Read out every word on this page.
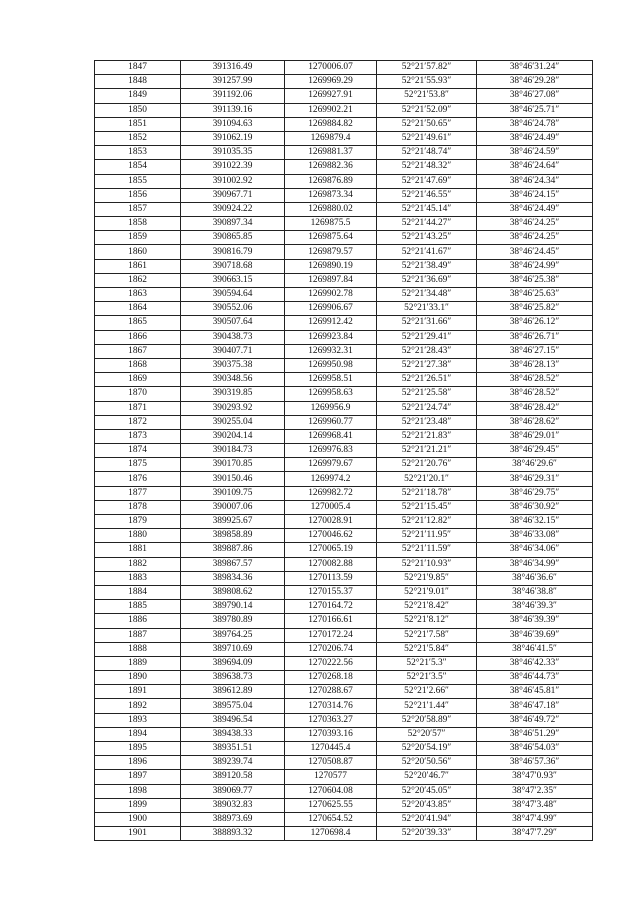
1847	391316.49	1270006.07	52°21′57.82″	38°46′31.24″
1848	391257.99	1269969.29	52°21′55.93″	38°46′29.28″
1849	391192.06	1269927.91	52°21′53.8″	38°46′27.08″
1850	391139.16	1269902.21	52°21′52.09″	38°46′25.71″
1851	391094.63	1269884.82	52°21′50.65″	38°46′24.78″
1852	391062.19	1269879.4	52°21′49.61″	38°46′24.49″
1853	391035.35	1269881.37	52°21′48.74″	38°46′24.59″
1854	391022.39	1269882.36	52°21′48.32″	38°46′24.64″
1855	391002.92	1269876.89	52°21′47.69″	38°46′24.34″
1856	390967.71	1269873.34	52°21′46.55″	38°46′24.15″
1857	390924.22	1269880.02	52°21′45.14″	38°46′24.49″
1858	390897.34	1269875.5	52°21′44.27″	38°46′24.25″
1859	390865.85	1269875.64	52°21′43.25″	38°46′24.25″
1860	390816.79	1269879.57	52°21′41.67″	38°46′24.45″
1861	390718.68	1269890.19	52°21′38.49″	38°46′24.99″
1862	390663.15	1269897.84	52°21′36.69″	38°46′25.38″
1863	390594.64	1269902.78	52°21′34.48″	38°46′25.63″
1864	390552.06	1269906.67	52°21′33.1″	38°46′25.82″
1865	390507.64	1269912.42	52°21′31.66″	38°46′26.12″
1866	390438.73	1269923.84	52°21′29.41″	38°46′26.71″
1867	390407.71	1269932.31	52°21′28.43″	38°46′27.15″
1868	390375.38	1269950.98	52°21′27.38″	38°46′28.13″
1869	390348.56	1269958.51	52°21′26.51″	38°46′28.52″
1870	390319.85	1269958.63	52°21′25.58″	38°46′28.52″
1871	390293.92	1269956.9	52°21′24.74″	38°46′28.42″
1872	390255.04	1269960.77	52°21′23.48″	38°46′28.62″
1873	390204.14	1269968.41	52°21′21.83″	38°46′29.01″
1874	390184.73	1269976.83	52°21′21.21″	38°46′29.45″
1875	390170.85	1269979.67	52°21′20.76″	38°46′29.6″
1876	390150.46	1269974.2	52°21′20.1″	38°46′29.31″
1877	390109.75	1269982.72	52°21′18.78″	38°46′29.75″
1878	390007.06	1270005.4	52°21′15.45″	38°46′30.92″
1879	389925.67	1270028.91	52°21′12.82″	38°46′32.15″
1880	389858.89	1270046.62	52°21′11.95″	38°46′33.08″
1881	389887.86	1270065.19	52°21′11.59″	38°46′34.06″
1882	389867.57	1270082.88	52°21′10.93″	38°46′34.99″
1883	389834.36	1270113.59	52°21′9.85″	38°46′36.6″
1884	389808.62	1270155.37	52°21′9.01″	38°46′38.8″
1885	389790.14	1270164.72	52°21′8.42″	38°46′39.3″
1886	389780.89	1270166.61	52°21′8.12″	38°46′39.39″
1887	389764.25	1270172.24	52°21′7.58″	38°46′39.69″
1888	389710.69	1270206.74	52°21′5.84″	38°46′41.5″
1889	389694.09	1270222.56	52°21′5.3″	38°46′42.33″
1890	389638.73	1270268.18	52°21′3.5″	38°46′44.73″
1891	389612.89	1270288.67	52°21′2.66″	38°46′45.81″
1892	389575.04	1270314.76	52°21′1.44″	38°46′47.18″
1893	389496.54	1270363.27	52°20′58.89″	38°46′49.72″
1894	389438.33	1270393.16	52°20′57″	38°46′51.29″
1895	389351.51	1270445.4	52°20′54.19″	38°46′54.03″
1896	389239.74	1270508.87	52°20′50.56″	38°46′57.36″
1897	389120.58	1270577	52°20′46.7″	38°47′0.93″
1898	389069.77	1270604.08	52°20′45.05″	38°47′2.35″
1899	389032.83	1270625.55	52°20′43.85″	38°47′3.48″
1900	388973.69	1270654.52	52°20′41.94″	38°47′4.99″
1901	388893.32	1270698.4	52°20′39.33″	38°47′7.29″
